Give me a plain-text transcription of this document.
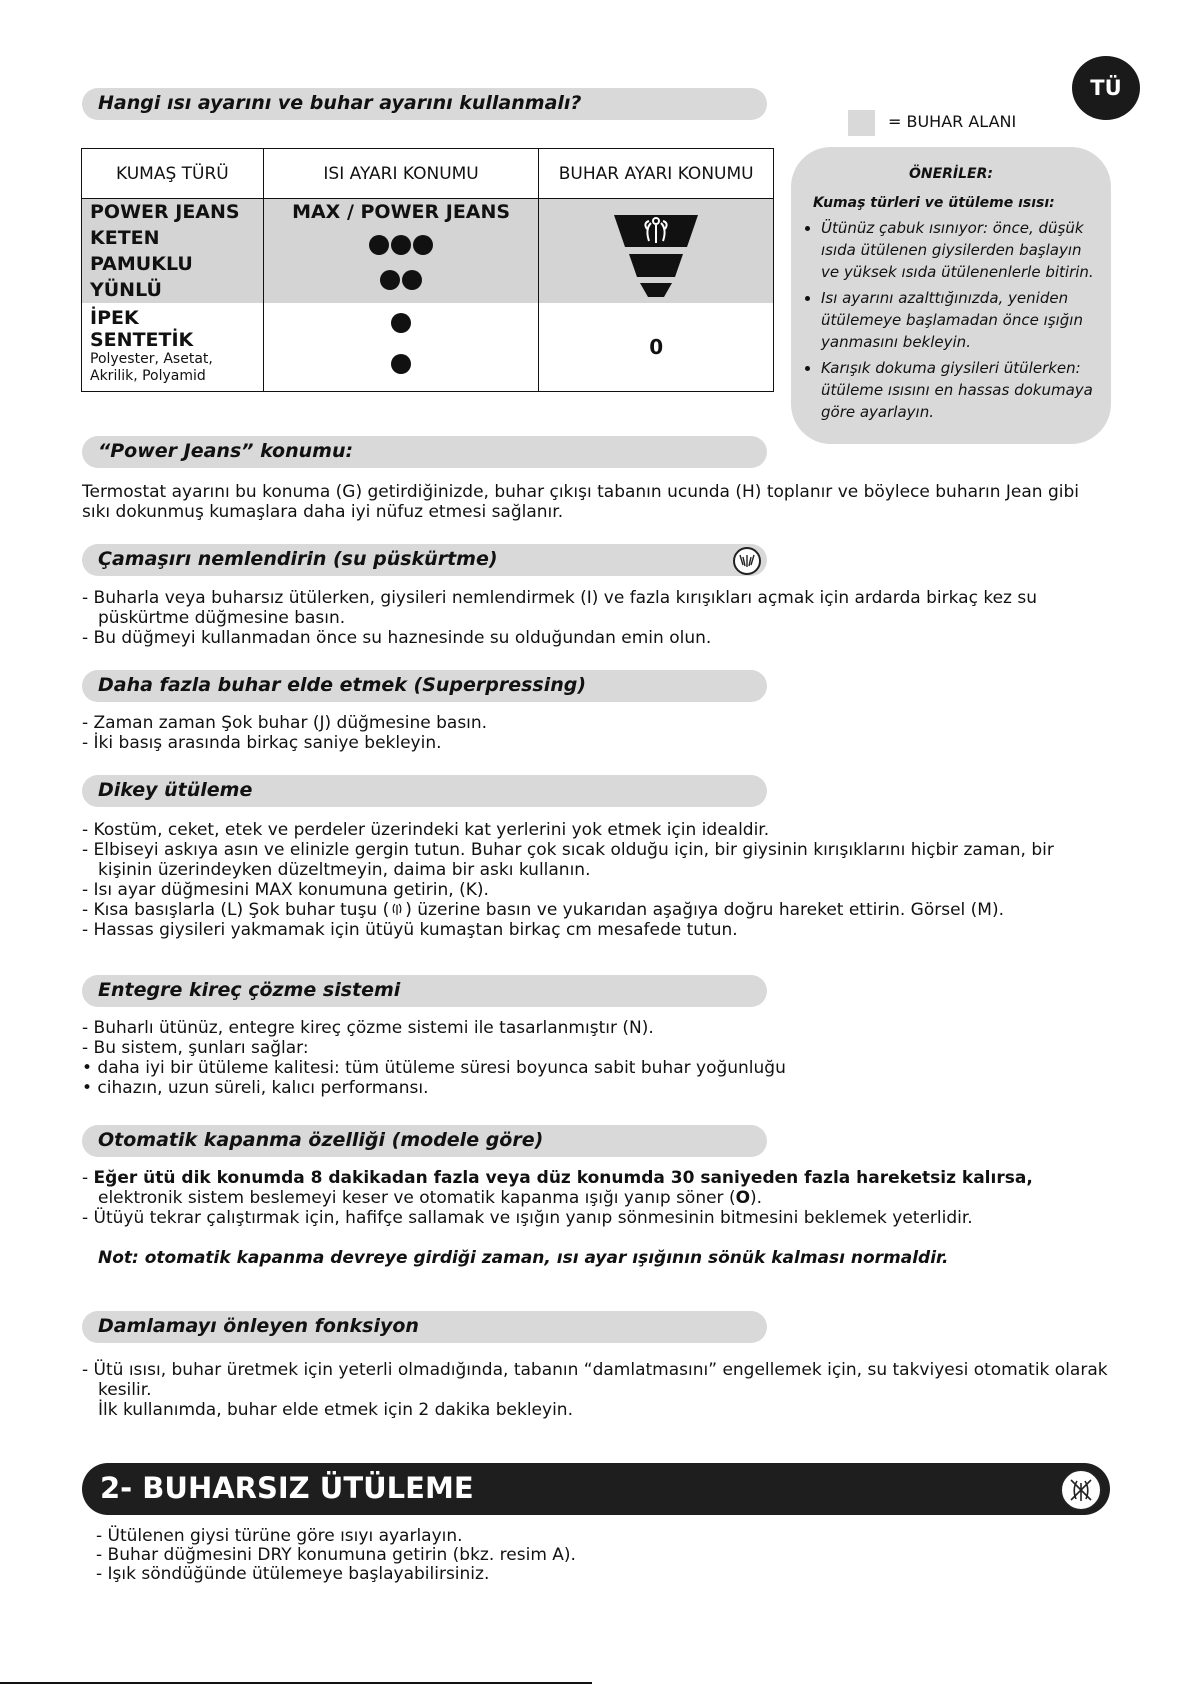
TÜ
Hangi ısı ayarını ve buhar ayarını kullanmalı?
= BUHAR ALANI
KUMAŞ TÜRÜ	ISI AYARI KONUMU	BUHAR AYARI KONUMU

POWER JEANS
KETEN
PAMUKLU
YÜNLÜ	MAX / POWER JEANS

İPEK
SENTETİK
Polyester, Asetat,
Akrilik, Polyamid		0
ÖNERİLER:
Kumaş türleri ve ütüleme ısısı:
• Ütünüz çabuk ısınıyor: önce, düşük ısıda ütülenen giysilerden başlayın ve yüksek ısıda ütülenenlerle bitirin.
• Isı ayarını azalttığınızda, yeniden ütülemeye başlamadan önce ışığın yanmasını bekleyin.
• Karışık dokuma giysileri ütülerken: ütüleme ısısını en hassas dokumaya göre ayarlayın.
“Power Jeans” konumu:
Termostat ayarını bu konuma (G) getirdiğinizde, buhar çıkışı tabanın ucunda (H) toplanır ve böylece buharın Jean gibi sıkı dokunmuş kumaşlara daha iyi nüfuz etmesi sağlanır.
Çamaşırı nemlendirin (su püskürtme)
- Buharla veya buharsız ütülerken, giysileri nemlendirmek (I) ve fazla kırışıkları açmak için ardarda birkaç kez su püskürtme düğmesine basın.
- Bu düğmeyi kullanmadan önce su haznesinde su olduğundan emin olun.
Daha fazla buhar elde etmek (Superpressing)
- Zaman zaman Şok buhar (J) düğmesine basın.
- İki basış arasında birkaç saniye bekleyin.
Dikey ütüleme
- Kostüm, ceket, etek ve perdeler üzerindeki kat yerlerini yok etmek için idealdir.
- Elbiseyi askıya asın ve elinizle gergin tutun. Buhar çok sıcak olduğu için, bir giysinin kırışıklarını hiçbir zaman, bir kişinin üzerindeyken düzeltmeyin, daima bir askı kullanın.
- Isı ayar düğmesini MAX konumuna getirin, (K).
- Kısa basışlarla (L) Şok buhar tuşu ( ) üzerine basın ve yukarıdan aşağıya doğru hareket ettirin. Görsel (M).
- Hassas giysileri yakmamak için ütüyü kumaştan birkaç cm mesafede tutun.
Entegre kireç çözme sistemi
- Buharlı ütünüz, entegre kireç çözme sistemi ile tasarlanmıştır (N).
- Bu sistem, şunları sağlar:
• daha iyi bir ütüleme kalitesi: tüm ütüleme süresi boyunca sabit buhar yoğunluğu
• cihazın, uzun süreli, kalıcı performansı.
Otomatik kapanma özelliği (modele göre)
- Eğer ütü dik konumda 8 dakikadan fazla veya düz konumda 30 saniyeden fazla hareketsiz kalırsa, elektronik sistem beslemeyi keser ve otomatik kapanma ışığı yanıp söner (O).
- Ütüyü tekrar çalıştırmak için, hafifçe sallamak ve ışığın yanıp sönmesinin bitmesini beklemek yeterlidir.
Not: otomatik kapanma devreye girdiği zaman, ısı ayar ışığının sönük kalması normaldir.
Damlamayı önleyen fonksiyon
- Ütü ısısı, buhar üretmek için yeterli olmadığında, tabanın “damlatmasını” engellemek için, su takviyesi otomatik olarak kesilir.
İlk kullanımda, buhar elde etmek için 2 dakika bekleyin.
2- BUHARSIZ ÜTÜLEME
- Ütülenen giysi türüne göre ısıyı ayarlayın.
- Buhar düğmesini DRY konumuna getirin (bkz. resim A).
- Işık söndüğünde ütülemeye başlayabilirsiniz.
